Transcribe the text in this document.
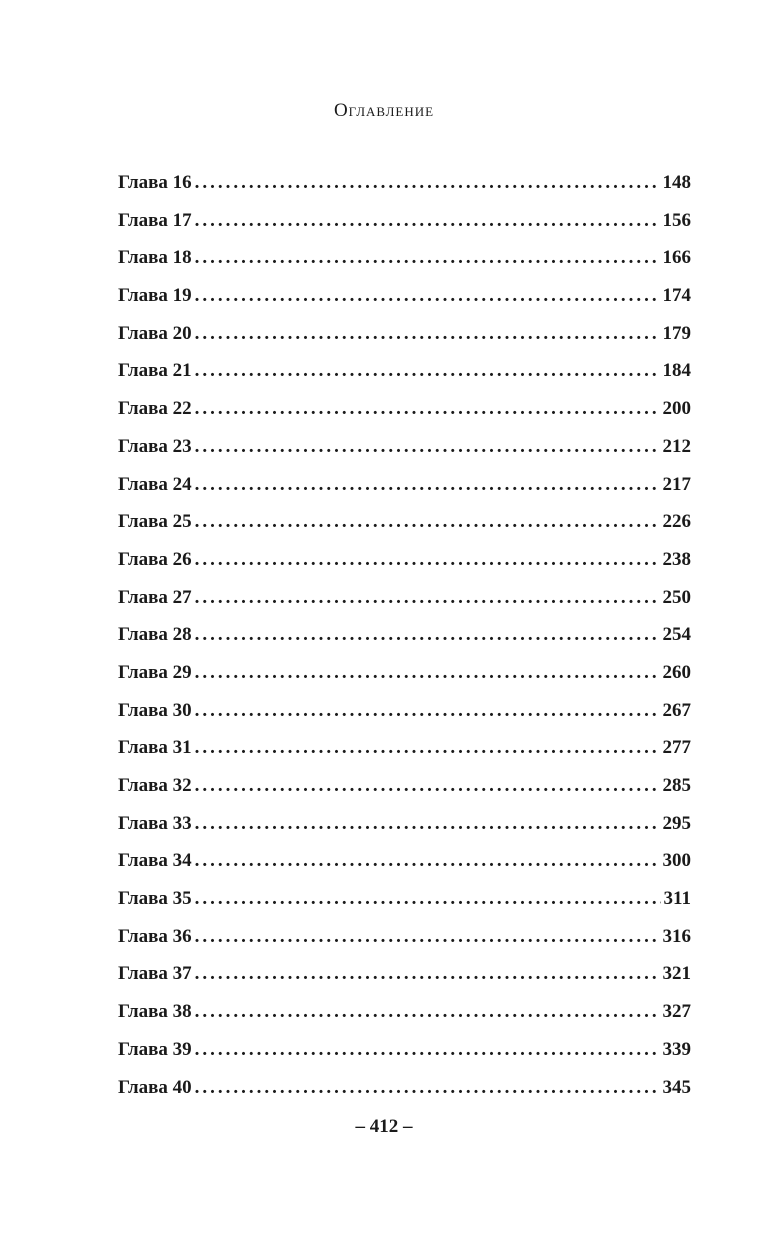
Оглавление
Глава 16 .....	148
Глава 17 .....	156
Глава 18 .....	166
Глава 19 .....	174
Глава 20 .....	179
Глава 21 .....	184
Глава 22 .....	200
Глава 23 .....	212
Глава 24 .....	217
Глава 25 .....	226
Глава 26 .....	238
Глава 27 .....	250
Глава 28 .....	254
Глава 29 .....	260
Глава 30 .....	267
Глава 31 .....	277
Глава 32 .....	285
Глава 33 .....	295
Глава 34 .....	300
Глава 35 .....	311
Глава 36 .....	316
Глава 37 .....	321
Глава 38 .....	327
Глава 39 .....	339
Глава 40 .....	345
– 412 –
